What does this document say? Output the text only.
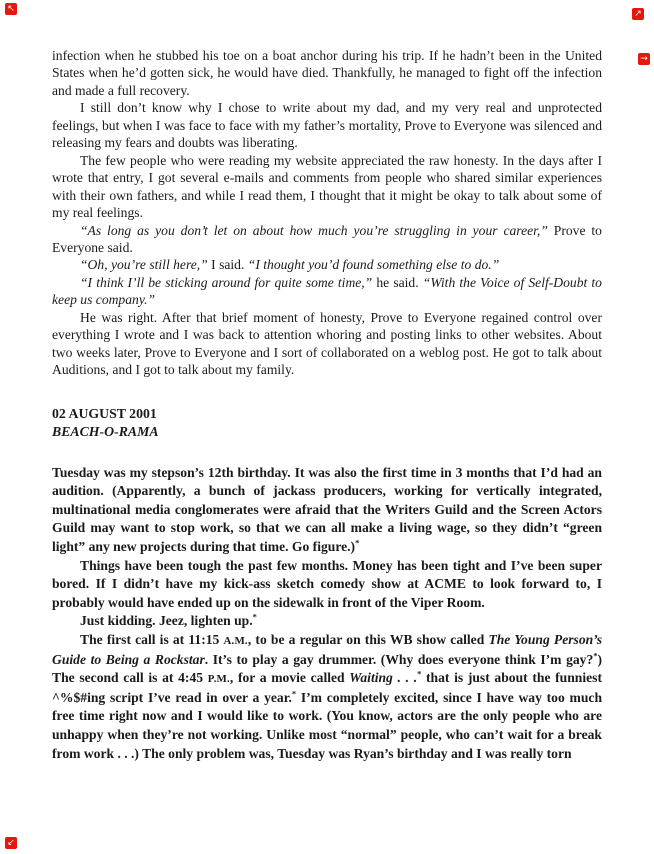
infection when he stubbed his toe on a boat anchor during his trip. If he hadn’t been in the United States when he’d gotten sick, he would have died. Thankfully, he managed to fight off the infection and made a full recovery.

I still don’t know why I chose to write about my dad, and my very real and unprotected feelings, but when I was face to face with my father’s mortality, Prove to Everyone was silenced and releasing my fears and doubts was liberating.

The few people who were reading my website appreciated the raw honesty. In the days after I wrote that entry, I got several e-mails and comments from people who shared similar experiences with their own fathers, and while I read them, I thought that it might be okay to talk about some of my real feelings.

“As long as you don’t let on about how much you’re struggling in your career,” Prove to Everyone said.

“Oh, you’re still here,” I said. “I thought you’d found something else to do.”

“I think I’ll be sticking around for quite some time,” he said. “With the Voice of Self-Doubt to keep us company.”

He was right. After that brief moment of honesty, Prove to Everyone regained control over everything I wrote and I was back to attention whoring and posting links to other websites. About two weeks later, Prove to Everyone and I sort of collaborated on a weblog post. He got to talk about Auditions, and I got to talk about my family.

02 AUGUST 2001

BEACH-O-RAMA

Tuesday was my stepson’s 12th birthday. It was also the first time in 3 months that I’d had an audition. (Apparently, a bunch of jackass producers, working for vertically integrated, multinational media conglomerates were afraid that the Writers Guild and the Screen Actors Guild may want to stop work, so that we can all make a living wage, so they didn’t “green light” any new projects during that time. Go figure.)*

Things have been tough the past few months. Money has been tight and I’ve been super bored. If I didn’t have my kick-ass sketch comedy show at ACME to look forward to, I probably would have ended up on the sidewalk in front of the Viper Room.

Just kidding. Jeez, lighten up.*

The first call is at 11:15 A.M., to be a regular on this WB show called The Young Person’s Guide to Being a Rockstar. It’s to play a gay drummer. (Why does everyone think I’m gay?*) The second call is at 4:45 P.M., for a movie called Waiting . . .* that is just about the funniest ^%$#ing script I’ve read in over a year.* I’m completely excited, since I have way too much free time right now and I would like to work. (You know, actors are the only people who are unhappy when they’re not working. Unlike most “normal” people, who can’t wait for a break from work . . .) The only problem was, Tuesday was Ryan’s birthday and I was really torn

↖	↗
→
↙
